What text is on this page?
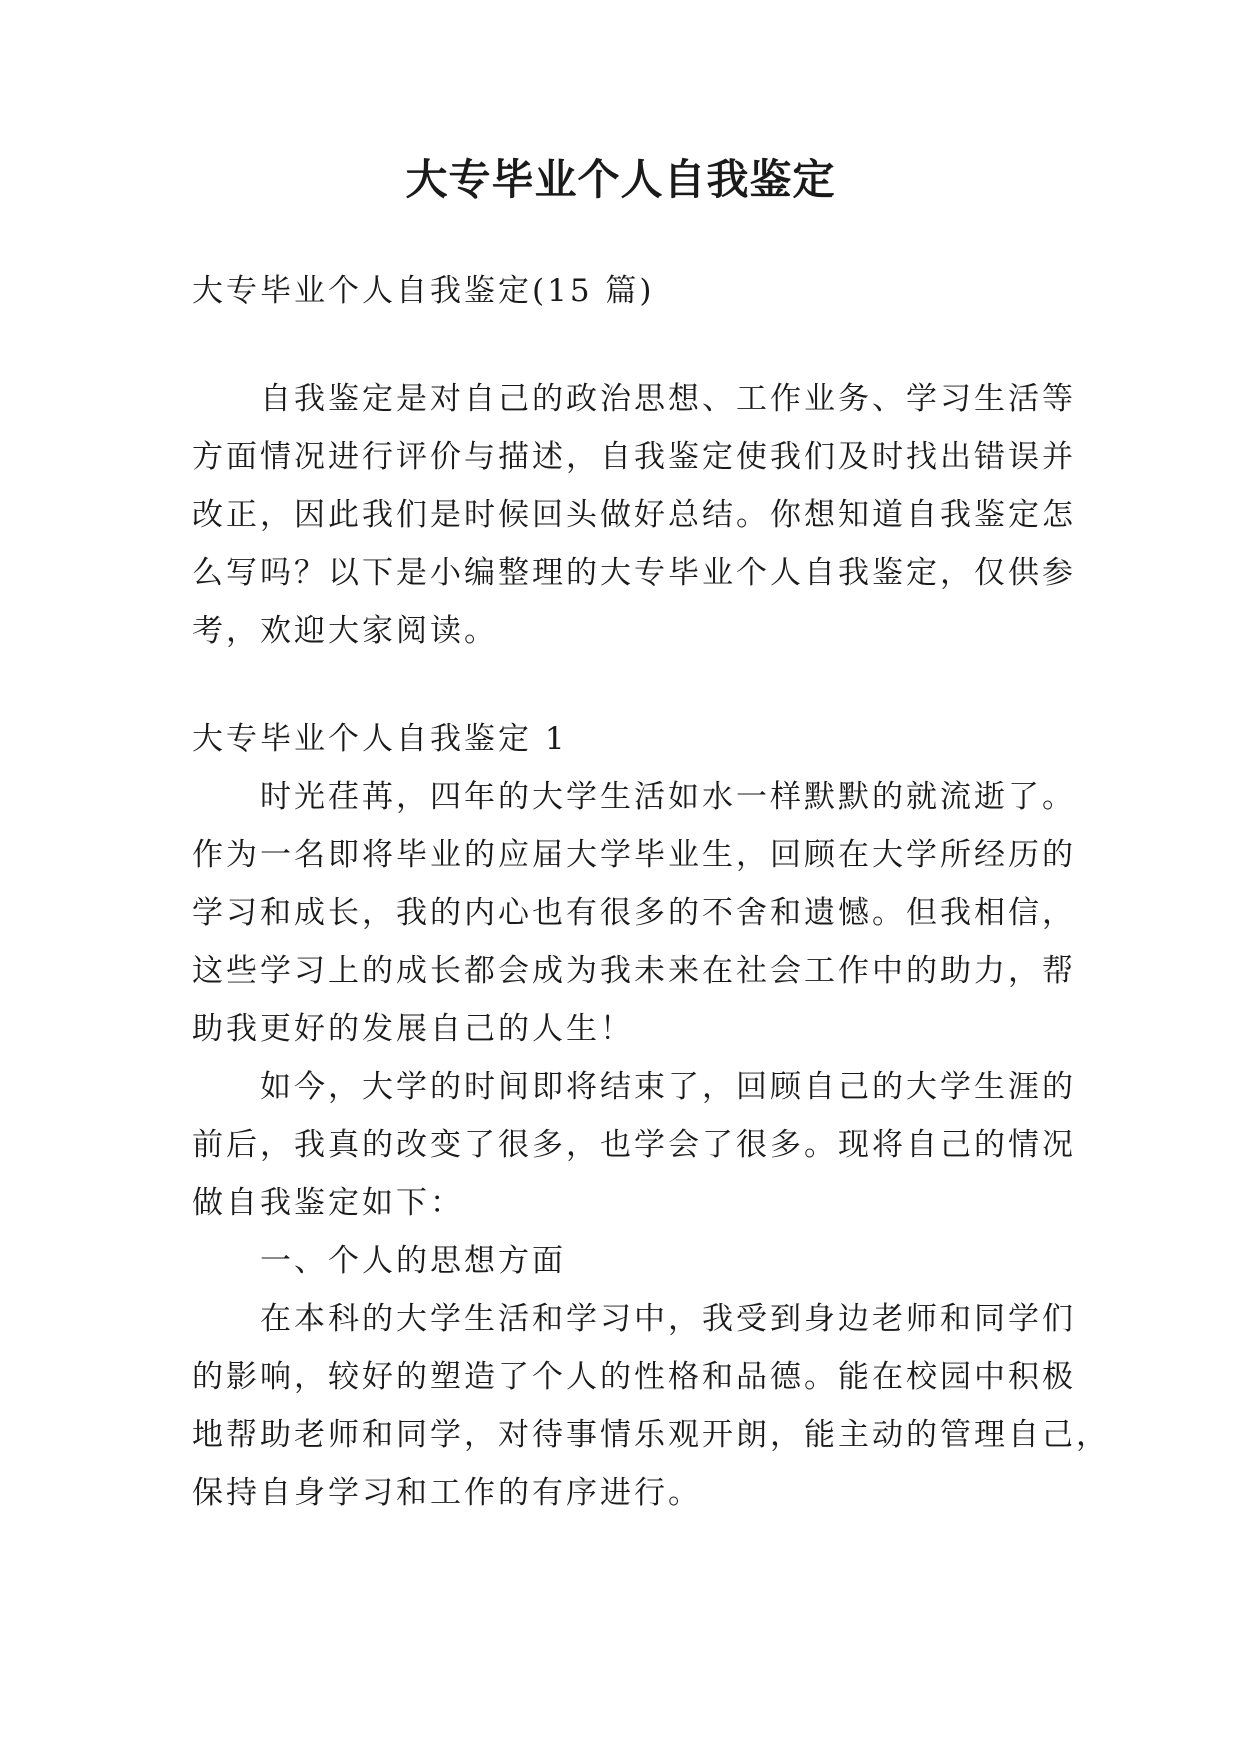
大专毕业个人自我鉴定
大专毕业个人自我鉴定(15 篇)
　　自我鉴定是对自己的政治思想、工作业务、学习生活等
方面情况进行评价与描述，自我鉴定使我们及时找出错误并
改正，因此我们是时候回头做好总结。你想知道自我鉴定怎
么写吗？以下是小编整理的大专毕业个人自我鉴定，仅供参
考，欢迎大家阅读。
大专毕业个人自我鉴定 1
　　时光荏苒，四年的大学生活如水一样默默的就流逝了。
作为一名即将毕业的应届大学毕业生，回顾在大学所经历的
学习和成长，我的内心也有很多的不舍和遗憾。但我相信，
这些学习上的成长都会成为我未来在社会工作中的助力，帮
助我更好的发展自己的人生！
　　如今，大学的时间即将结束了，回顾自己的大学生涯的
前后，我真的改变了很多，也学会了很多。现将自己的情况
做自我鉴定如下：
　　一、个人的思想方面
　　在本科的大学生活和学习中，我受到身边老师和同学们
的影响，较好的塑造了个人的性格和品德。能在校园中积极
地帮助老师和同学，对待事情乐观开朗，能主动的管理自己，
保持自身学习和工作的有序进行。
